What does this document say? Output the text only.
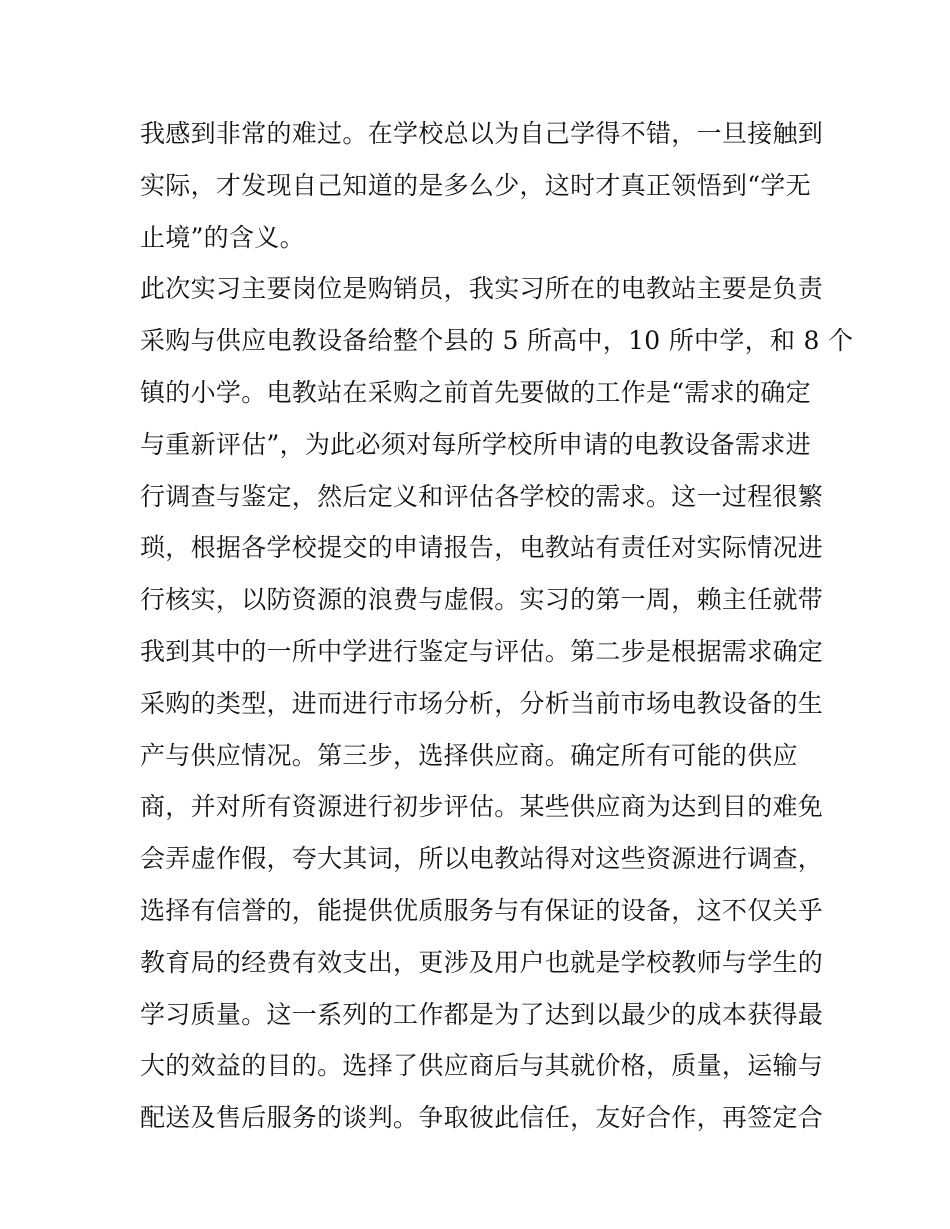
我感到非常的难过。在学校总以为自己学得不错，一旦接触到
实际，才发现自己知道的是多么少，这时才真正领悟到“学无
止境”的含义。
此次实习主要岗位是购销员，我实习所在的电教站主要是负责
采购与供应电教设备给整个县的 5 所高中，10 所中学，和 8 个
镇的小学。电教站在采购之前首先要做的工作是“需求的确定
与重新评估”，为此必须对每所学校所申请的电教设备需求进
行调查与鉴定，然后定义和评估各学校的需求。这一过程很繁
琐，根据各学校提交的申请报告，电教站有责任对实际情况进
行核实，以防资源的浪费与虚假。实习的第一周，赖主任就带
我到其中的一所中学进行鉴定与评估。第二步是根据需求确定
采购的类型，进而进行市场分析，分析当前市场电教设备的生
产与供应情况。第三步，选择供应商。确定所有可能的供应
商，并对所有资源进行初步评估。某些供应商为达到目的难免
会弄虚作假，夸大其词，所以电教站得对这些资源进行调查，
选择有信誉的，能提供优质服务与有保证的设备，这不仅关乎
教育局的经费有效支出，更涉及用户也就是学校教师与学生的
学习质量。这一系列的工作都是为了达到以最少的成本获得最
大的效益的目的。选择了供应商后与其就价格，质量，运输与
配送及售后服务的谈判。争取彼此信任，友好合作，再签定合
